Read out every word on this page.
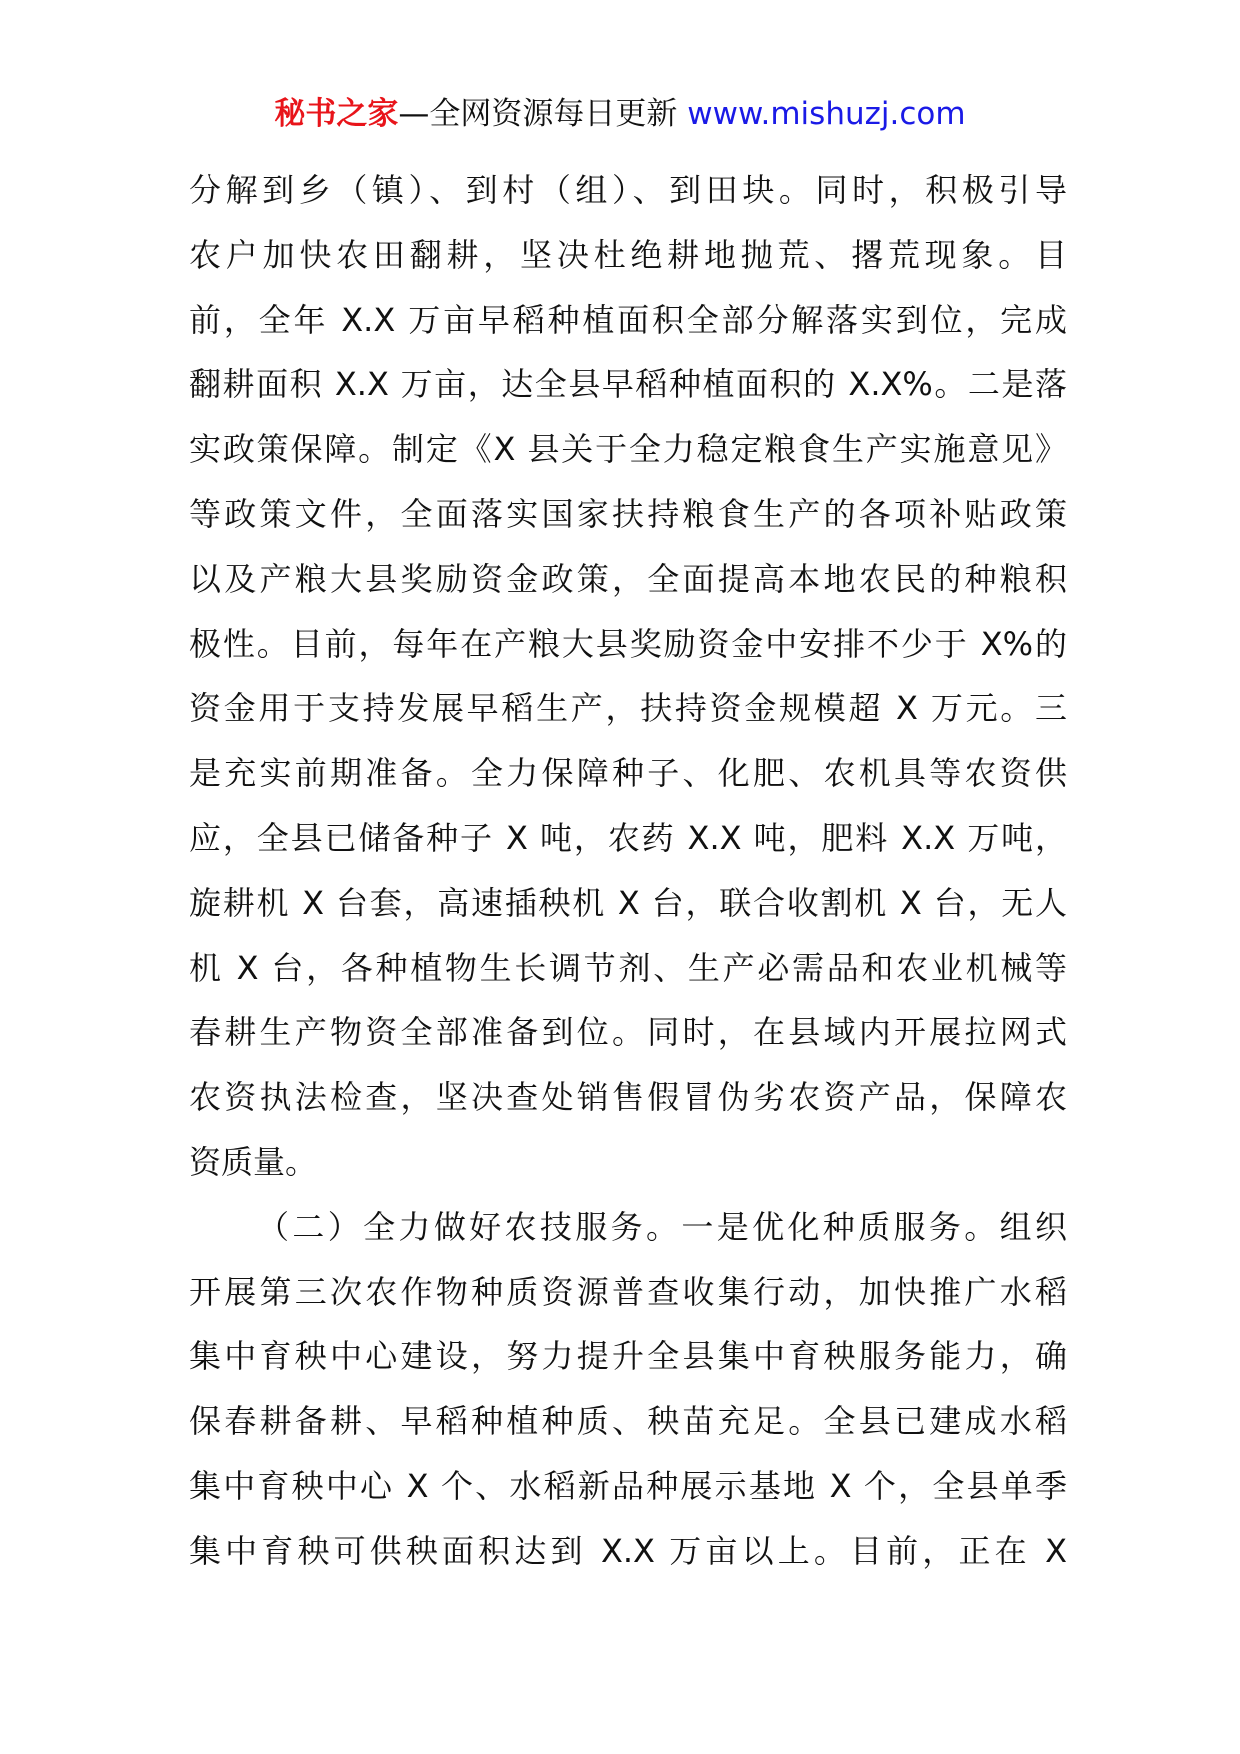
秘书之家—全网资源每日更新 www.mishuzj.com
分解到乡（镇）、到村（组）、到田块。同时，积极引导
农户加快农田翻耕，坚决杜绝耕地抛荒、撂荒现象。目
前，全年 X.X 万亩早稻种植面积全部分解落实到位，完成
翻耕面积 X.X 万亩，达全县早稻种植面积的 X.X%。二是落
实政策保障。制定《X 县关于全力稳定粮食生产实施意见》
等政策文件，全面落实国家扶持粮食生产的各项补贴政策
以及产粮大县奖励资金政策，全面提高本地农民的种粮积
极性。目前，每年在产粮大县奖励资金中安排不少于 X%的
资金用于支持发展早稻生产，扶持资金规模超 X 万元。三
是充实前期准备。全力保障种子、化肥、农机具等农资供
应，全县已储备种子 X 吨，农药 X.X 吨，肥料 X.X 万吨，
旋耕机 X 台套，高速插秧机 X 台，联合收割机 X 台，无人
机 X 台，各种植物生长调节剂、生产必需品和农业机械等
春耕生产物资全部准备到位。同时，在县域内开展拉网式
农资执法检查，坚决查处销售假冒伪劣农资产品，保障农
资质量。
（二）全力做好农技服务。一是优化种质服务。组织
开展第三次农作物种质资源普查收集行动，加快推广水稻
集中育秧中心建设，努力提升全县集中育秧服务能力，确
保春耕备耕、早稻种植种质、秧苗充足。全县已建成水稻
集中育秧中心 X 个、水稻新品种展示基地 X 个，全县单季
集中育秧可供秧面积达到 X.X 万亩以上。目前，正在 X
